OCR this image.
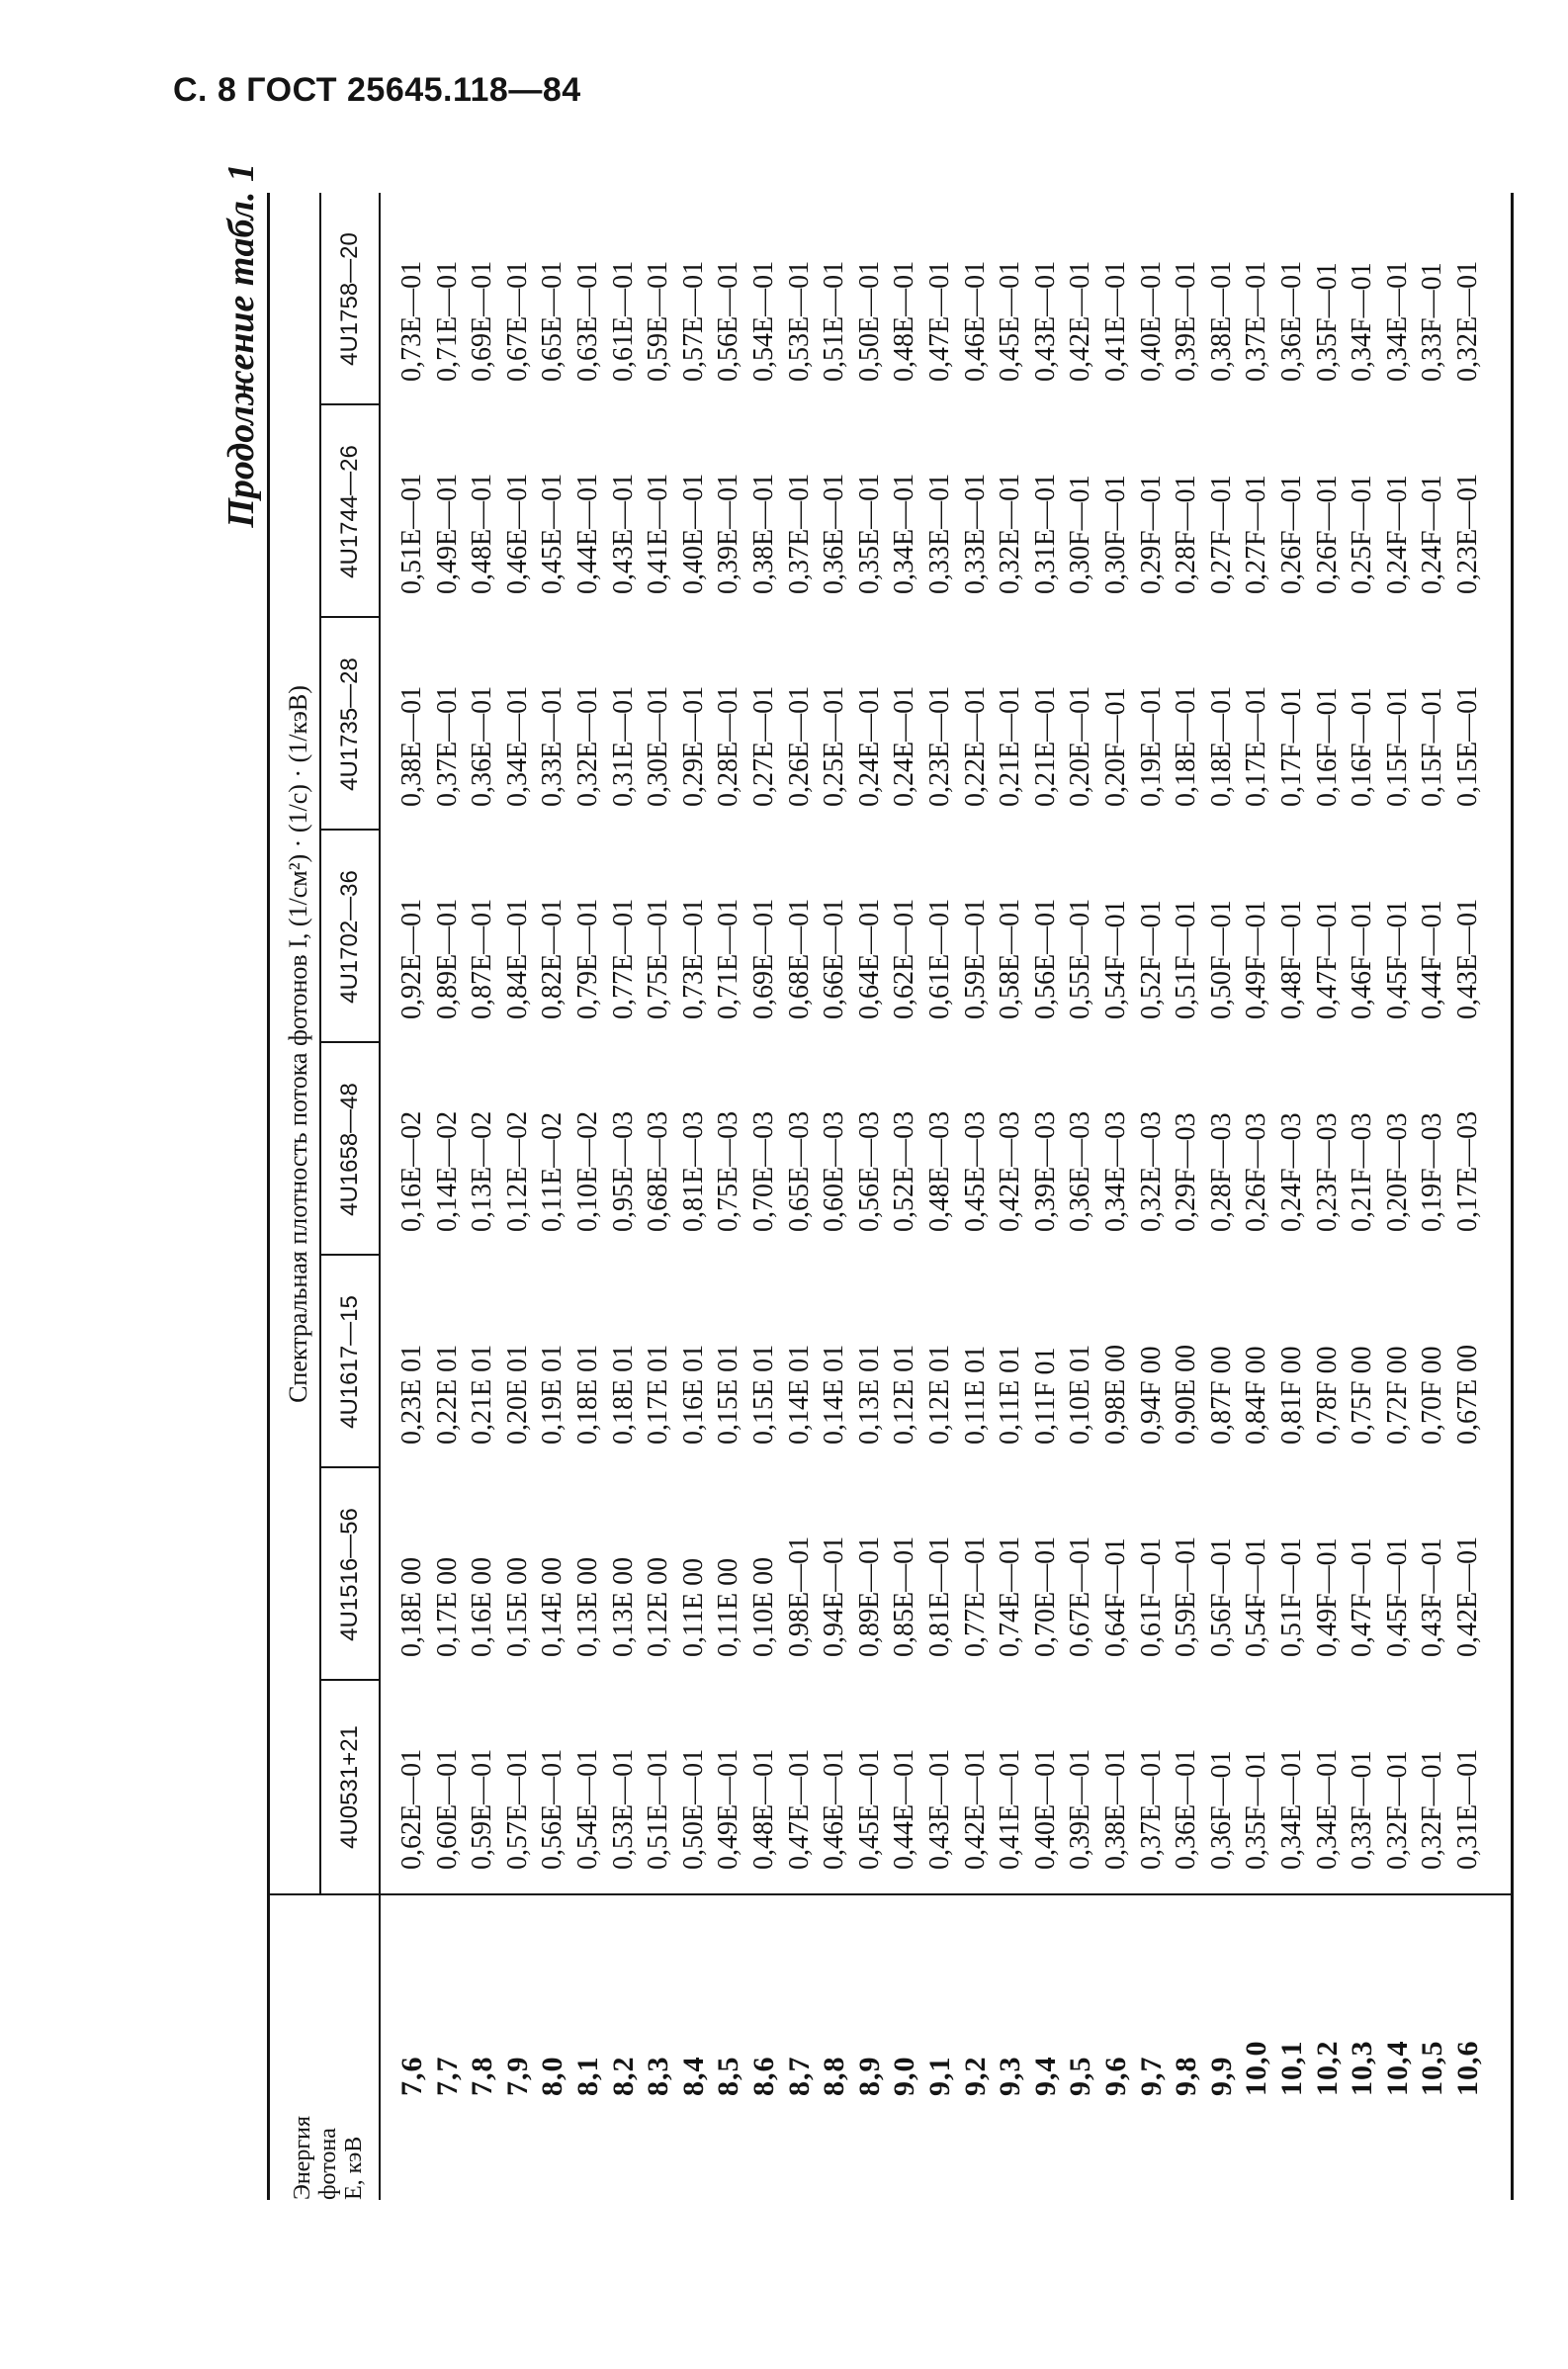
С. 8 ГОСТ 25645.118—84
Продолжение табл. 1
Энергия фотона E, кэВ
Спектральная плотность потока фотонов I, (1/см²) · (1/с) · (1/кэВ)
4U0531+21
4U1516—56
4U1617—15
4U1658—48
4U1702—36
4U1735—28
4U1744—26
4U1758—20
7,6
0,62E—01
0,18E 00
0,23E 01
0,16E—02
0,92E—01
0,38E—01
0,51E—01
0,73E—01
7,7
0,60E—01
0,17E 00
0,22E 01
0,14E—02
0,89E—01
0,37E—01
0,49E—01
0,71E—01
7,8
0,59E—01
0,16E 00
0,21E 01
0,13E—02
0,87E—01
0,36E—01
0,48E—01
0,69E—01
7,9
0,57E—01
0,15E 00
0,20E 01
0,12E—02
0,84E—01
0,34E—01
0,46E—01
0,67E—01
8,0
0,56E—01
0,14E 00
0,19E 01
0,11E—02
0,82E—01
0,33E—01
0,45E—01
0,65E—01
8,1
0,54E—01
0,13E 00
0,18E 01
0,10E—02
0,79E—01
0,32E—01
0,44E—01
0,63E—01
8,2
0,53E—01
0,13E 00
0,18E 01
0,95E—03
0,77E—01
0,31E—01
0,43E—01
0,61E—01
8,3
0,51E—01
0,12E 00
0,17E 01
0,68E—03
0,75E—01
0,30E—01
0,41E—01
0,59E—01
8,4
0,50E—01
0,11E 00
0,16E 01
0,81E—03
0,73E—01
0,29E—01
0,40E—01
0,57E—01
8,5
0,49E—01
0,11E 00
0,15E 01
0,75E—03
0,71E—01
0,28E—01
0,39E—01
0,56E—01
8,6
0,48E—01
0,10E 00
0,15E 01
0,70E—03
0,69E—01
0,27E—01
0,38E—01
0,54E—01
8,7
0,47E—01
0,98E—01
0,14E 01
0,65E—03
0,68E—01
0,26E—01
0,37E—01
0,53E—01
8,8
0,46E—01
0,94E—01
0,14E 01
0,60E—03
0,66E—01
0,25E—01
0,36E—01
0,51E—01
8,9
0,45E—01
0,89E—01
0,13E 01
0,56E—03
0,64E—01
0,24E—01
0,35E—01
0,50E—01
9,0
0,44E—01
0,85E—01
0,12E 01
0,52E—03
0,62E—01
0,24E—01
0,34E—01
0,48E—01
9,1
0,43E—01
0,81E—01
0,12E 01
0,48E—03
0,61E—01
0,23E—01
0,33E—01
0,47E—01
9,2
0,42E—01
0,77E—01
0,11E 01
0,45E—03
0,59E—01
0,22E—01
0,33E—01
0,46E—01
9,3
0,41E—01
0,74E—01
0,11E 01
0,42E—03
0,58E—01
0,21E—01
0,32E—01
0,45E—01
9,4
0,40E—01
0,70E—01
0,11F 01
0,39E—03
0,56E—01
0,21E—01
0,31E—01
0,43E—01
9,5
0,39E—01
0,67E—01
0,10E 01
0,36E—03
0,55E—01
0,20E—01
0,30F—01
0,42E—01
9,6
0,38E—01
0,64F—01
0,98E 00
0,34E—03
0,54F—01
0,20F—01
0,30F—01
0,41E—01
9,7
0,37E—01
0,61F—01
0,94F 00
0,32E—03
0,52F—01
0,19E—01
0,29F—01
0,40E—01
9,8
0,36E—01
0,59E—01
0,90E 00
0,29F—03
0,51F—01
0,18E—01
0,28F—01
0,39E—01
9,9
0,36F—01
0,56F—01
0,87F 00
0,28F—03
0,50F—01
0,18E—01
0,27F—01
0,38E—01
10,0
0,35F—01
0,54F—01
0,84F 00
0,26F—03
0,49F—01
0,17E—01
0,27F—01
0,37E—01
10,1
0,34E—01
0,51F—01
0,81F 00
0,24F—03
0,48F—01
0,17F—01
0,26F—01
0,36E—01
10,2
0,34E—01
0,49F—01
0,78F 00
0,23F—03
0,47F—01
0,16F—01
0,26F—01
0,35F—01
10,3
0,33F—01
0,47F—01
0,75F 00
0,21F—03
0,46F—01
0,16F—01
0,25F—01
0,34F—01
10,4
0,32F—01
0,45F—01
0,72F 00
0,20F—03
0,45F—01
0,15F—01
0,24F—01
0,34E—01
10,5
0,32F—01
0,43F—01
0,70F 00
0,19F—03
0,44F—01
0,15F—01
0,24F—01
0,33F—01
10,6
0,31E—01
0,42E—01
0,67E 00
0,17E—03
0,43E—01
0,15E—01
0,23E—01
0,32E—01
